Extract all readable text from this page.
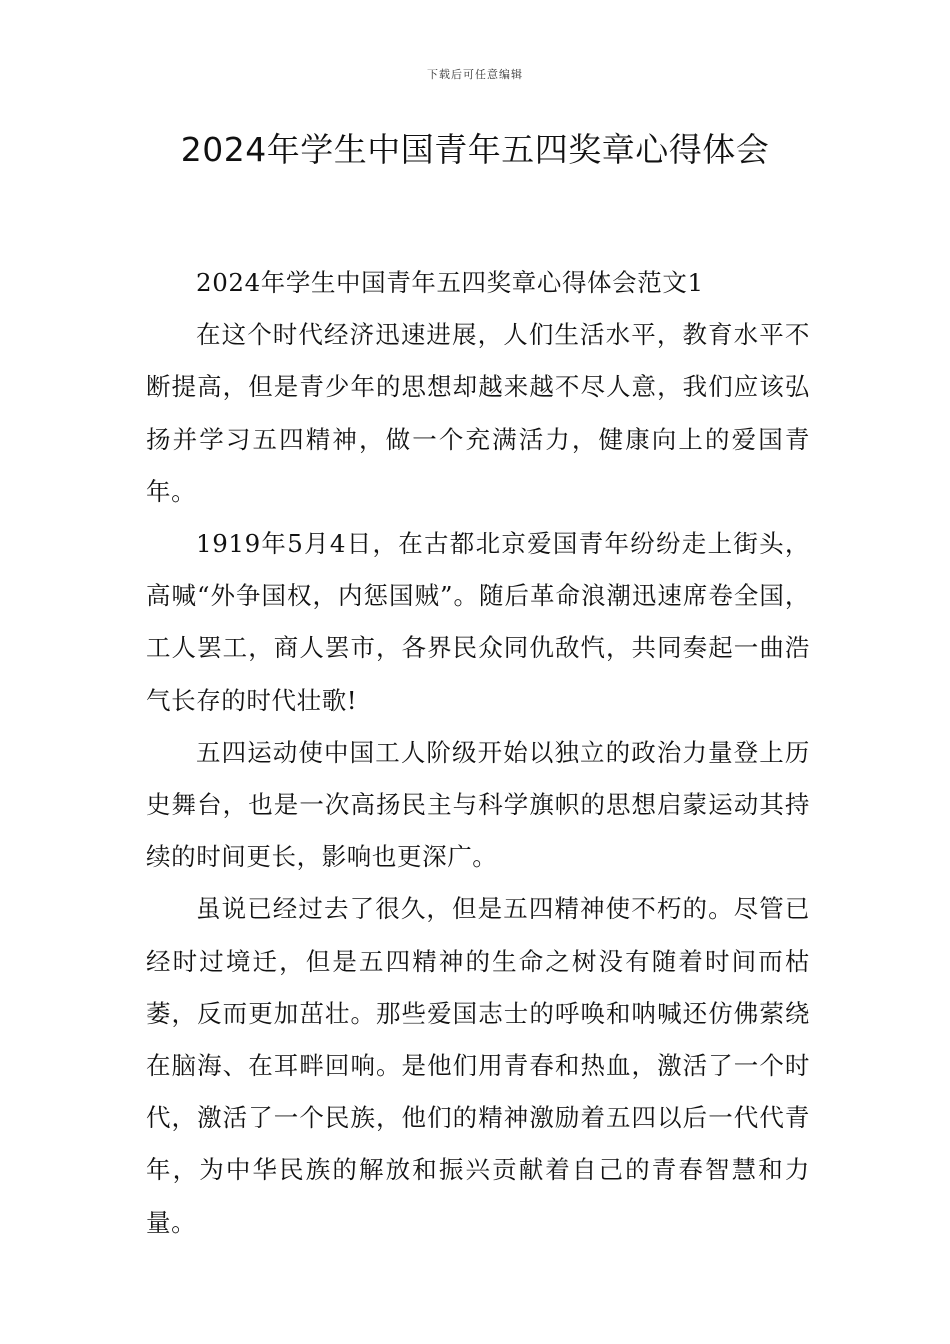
下载后可任意编辑
2024年学生中国青年五四奖章心得体会

2024年学生中国青年五四奖章心得体会范文1

在这个时代经济迅速进展，人们生活水平，教育水平不断提高，但是青少年的思想却越来越不尽人意，我们应该弘扬并学习五四精神，做一个充满活力，健康向上的爱国青年。

1919年5月4日，在古都北京爱国青年纷纷走上街头，高喊“外争国权，内惩国贼”。随后革命浪潮迅速席卷全国，工人罢工，商人罢市，各界民众同仇敌忾，共同奏起一曲浩气长存的时代壮歌!

五四运动使中国工人阶级开始以独立的政治力量登上历史舞台，也是一次高扬民主与科学旗帜的思想启蒙运动其持续的时间更长，影响也更深广。

虽说已经过去了很久，但是五四精神使不朽的。尽管已经时过境迁，但是五四精神的生命之树没有随着时间而枯萎，反而更加茁壮。那些爱国志士的呼唤和呐喊还仿佛萦绕在脑海、在耳畔回响。是他们用青春和热血，激活了一个时代，激活了一个民族，他们的精神激励着五四以后一代代青年，为中华民族的解放和振兴贡献着自己的青春智慧和力量。
